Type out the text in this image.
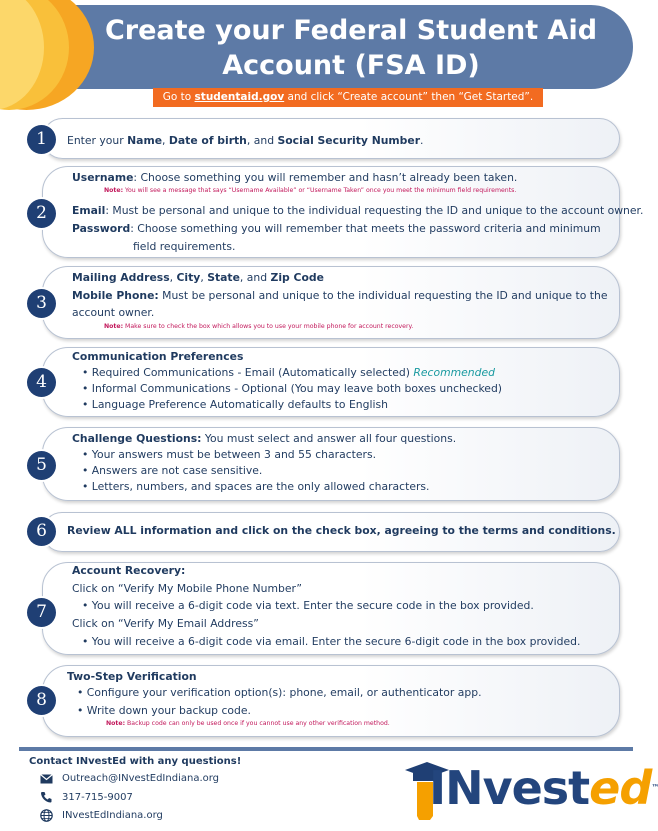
Create your Federal Student Aid
Account (FSA ID)
Go to studentaid.gov and click “Create account” then “Get Started”.
1	Enter your Name, Date of birth, and Social Security Number.
2
Username: Choose something you will remember and hasn’t already been taken.
Note: You will see a message that says “Username Available” or “Username Taken” once you meet the minimum field requirements.
Email: Must be personal and unique to the individual requesting the ID and unique to the account owner.
Password: Choose something you will remember that meets the password criteria and minimum
field requirements.
3
Mailing Address, City, State, and Zip Code
Mobile Phone: Must be personal and unique to the individual requesting the ID and unique to the
account owner.
Note: Make sure to check the box which allows you to use your mobile phone for account recovery.
4
Communication Preferences
• Required Communications - Email (Automatically selected) Recommended
• Informal Communications - Optional (You may leave both boxes unchecked)
• Language Preference Automatically defaults to English
5
Challenge Questions: You must select and answer all four questions.
• Your answers must be between 3 and 55 characters.
• Answers are not case sensitive.
• Letters, numbers, and spaces are the only allowed characters.
6	Review ALL information and click on the check box, agreeing to the terms and conditions.
7
Account Recovery:
Click on “Verify My Mobile Phone Number”
• You will receive a 6-digit code via text. Enter the secure code in the box provided.
Click on “Verify My Email Address”
• You will receive a 6-digit code via email. Enter the secure 6-digit code in the box provided.
8
Two-Step Verification
• Configure your verification option(s): phone, email, or authenticator app.
• Write down your backup code.
Note: Backup code can only be used once if you cannot use any other verification method.
Contact INvestEd with any questions!
Outreach@INvestEdIndiana.org
317-715-9007
INvestEdIndiana.org
INvested™
